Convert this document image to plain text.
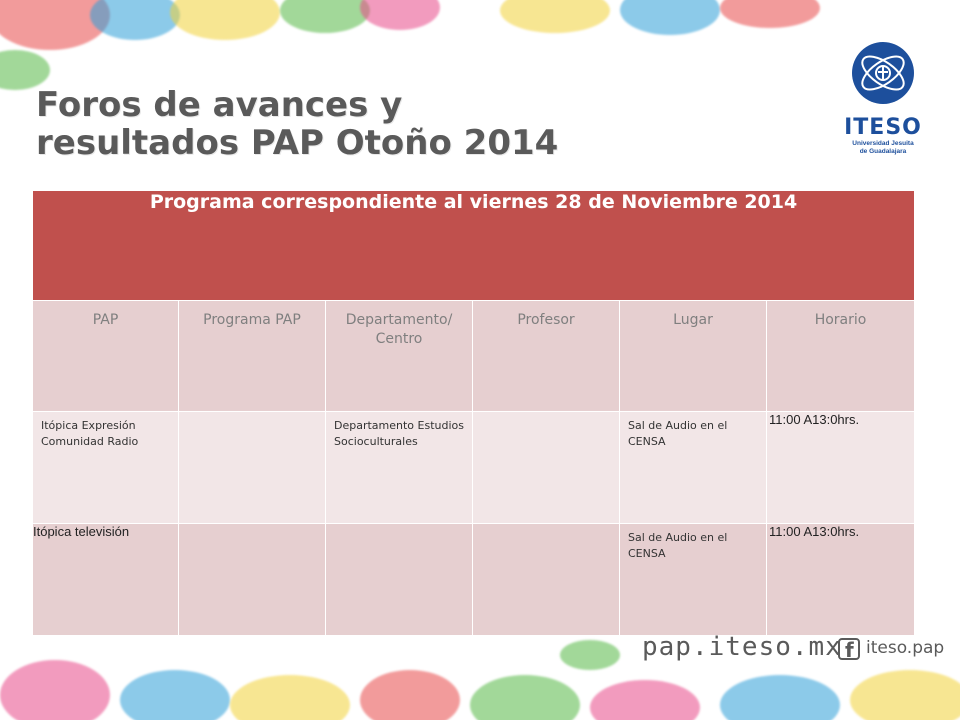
Foros de avances y
resultados PAP Otoño 2014	ITESO
Universidad Jesuita
de Guadalajara
Programa correspondiente al viernes 28 de Noviembre 2014					
PAP	Programa PAP	Departamento/ Centro	Profesor	Lugar	Horario
Itópica Expresión Comunidad Radio		Departamento Estudios Socioculturales		Sal de Audio en el CENSA	11:00 A13:0hrs.
Itópica televisión				Sal de Audio en el CENSA	11:00 A13:0hrs.
pap.iteso.mx f iteso.pap
